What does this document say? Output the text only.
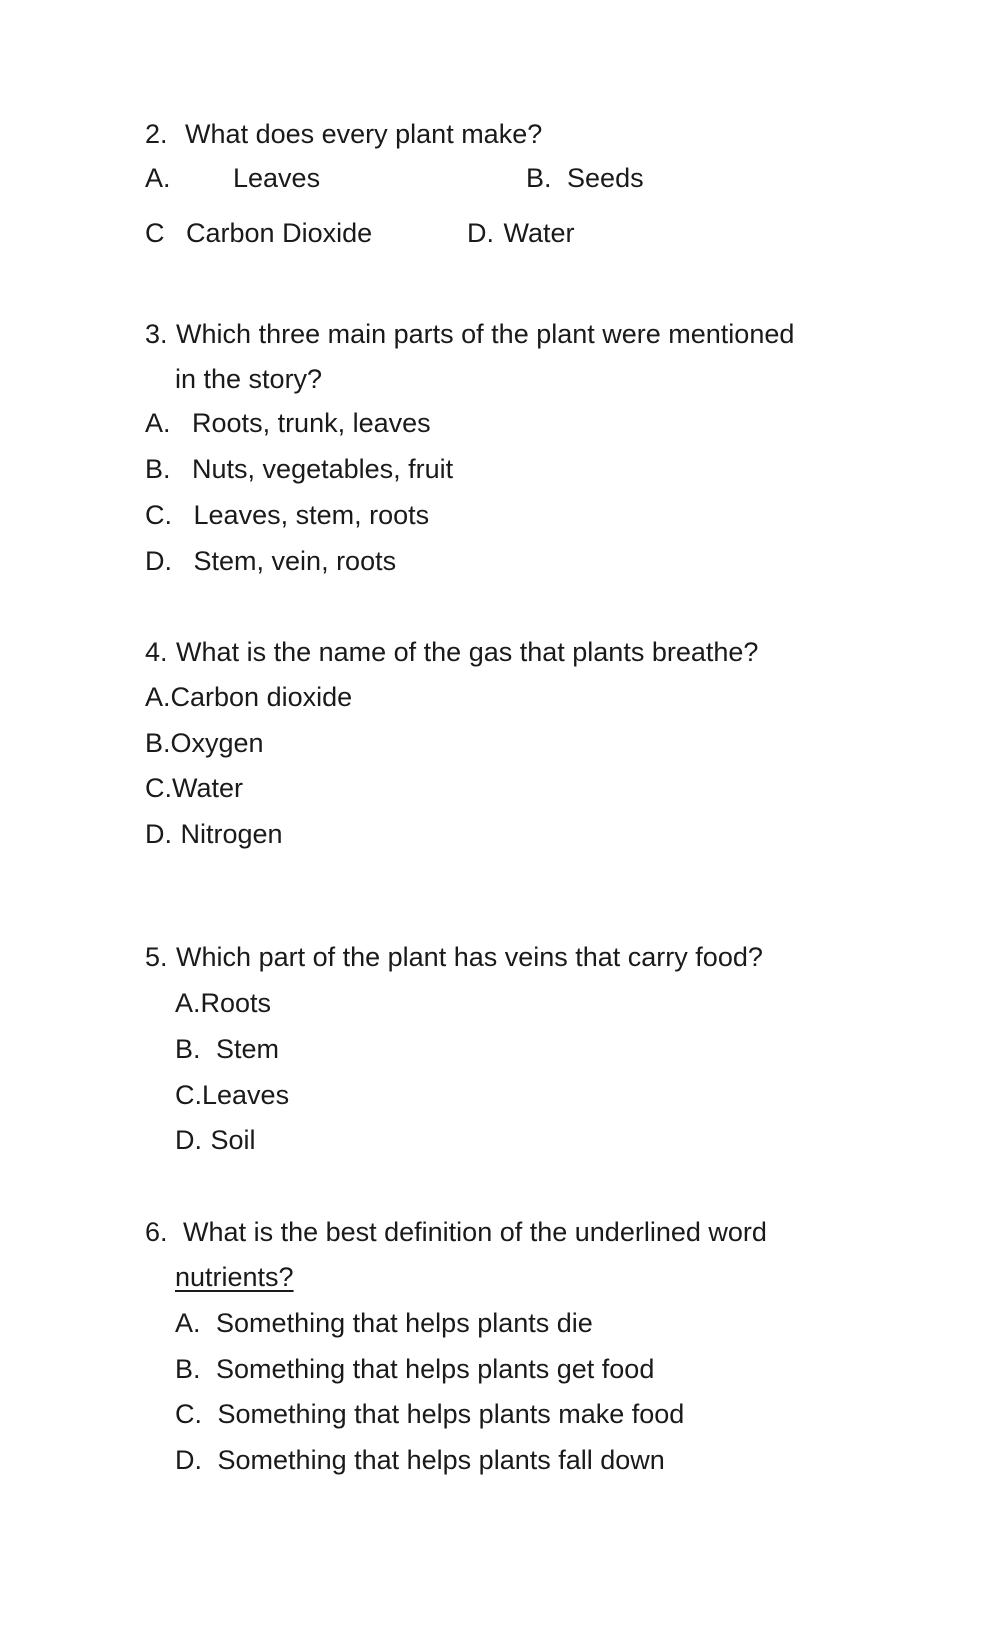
2. What does every plant make?
A. Leaves	B. Seeds
C Carbon Dioxide	D. Water
3. Which three main parts of the plant were mentioned
in the story?
A. Roots, trunk, leaves
B. Nuts, vegetables, fruit
C. Leaves, stem, roots
D. Stem, vein, roots
4. What is the name of the gas that plants breathe?
A.Carbon dioxide
B.Oxygen
C.Water
D. Nitrogen
5. Which part of the plant has veins that carry food?
A.Roots
B. Stem
C.Leaves
D. Soil
6. What is the best definition of the underlined word
nutrients?
A. Something that helps plants die
B. Something that helps plants get food
C. Something that helps plants make food
D. Something that helps plants fall down
